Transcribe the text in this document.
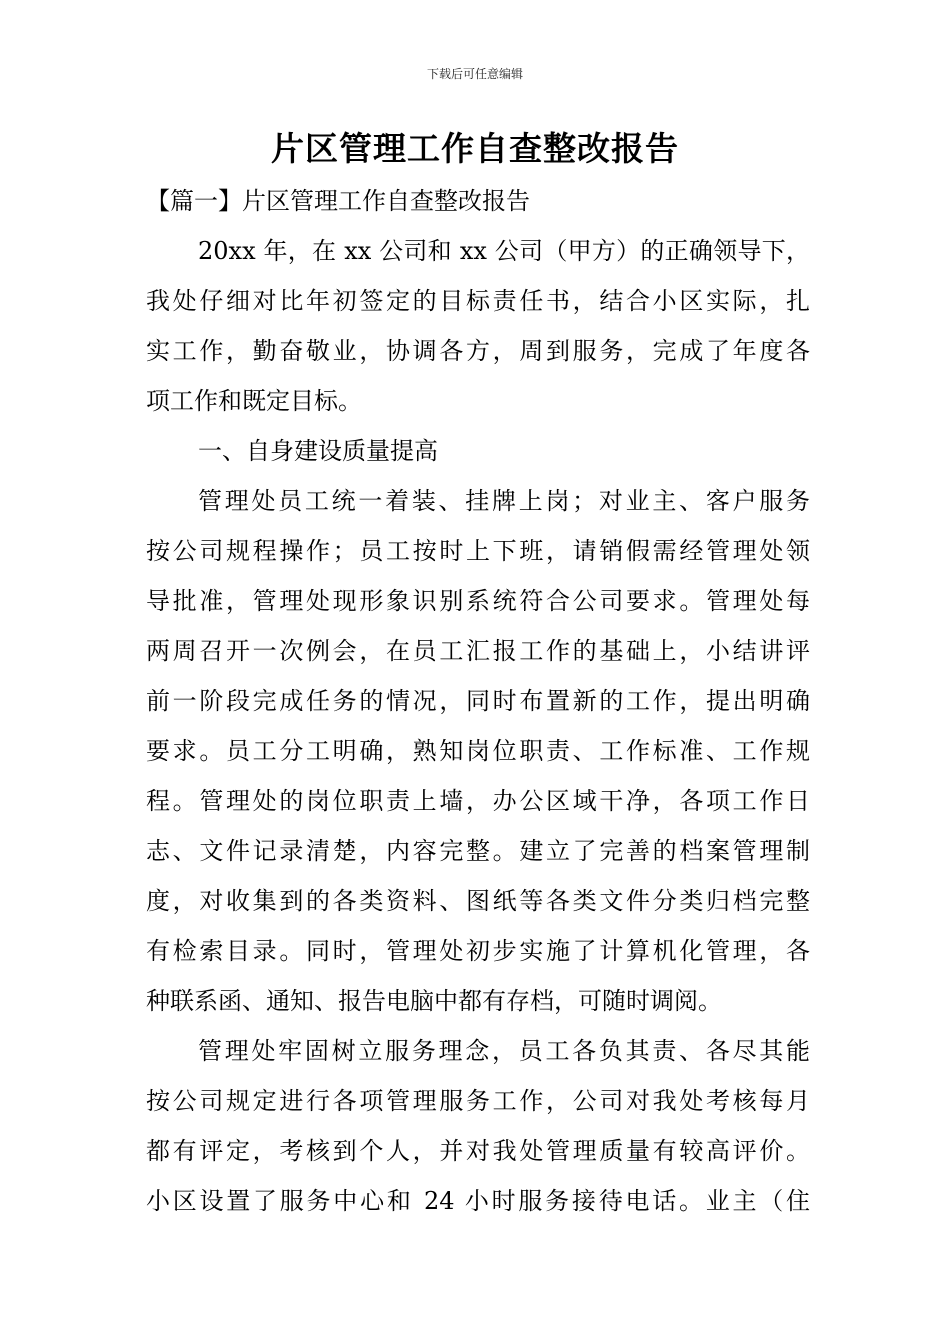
下载后可任意编辑
片区管理工作自查整改报告
【篇一】片区管理工作自查整改报告
20xx 年，在 xx 公司和 xx 公司（甲方）的正确领导下，
我处仔细对比年初签定的目标责任书，结合小区实际，扎
实工作，勤奋敬业，协调各方，周到服务，完成了年度各
项工作和既定目标。
一、自身建设质量提高
管理处员工统一着装、挂牌上岗；对业主、客户服务
按公司规程操作；员工按时上下班，请销假需经管理处领
导批准，管理处现形象识别系统符合公司要求。管理处每
两周召开一次例会，在员工汇报工作的基础上，小结讲评
前一阶段完成任务的情况，同时布置新的工作，提出明确
要求。员工分工明确，熟知岗位职责、工作标准、工作规
程。管理处的岗位职责上墙，办公区域干净，各项工作日
志、文件记录清楚，内容完整。建立了完善的档案管理制
度，对收集到的各类资料、图纸等各类文件分类归档完整
有检索目录。同时，管理处初步实施了计算机化管理，各
种联系函、通知、报告电脑中都有存档，可随时调阅。
管理处牢固树立服务理念，员工各负其责、各尽其能
按公司规定进行各项管理服务工作，公司对我处考核每月
都有评定，考核到个人，并对我处管理质量有较高评价。
小区设置了服务中心和 24 小时服务接待电话。业主（住
